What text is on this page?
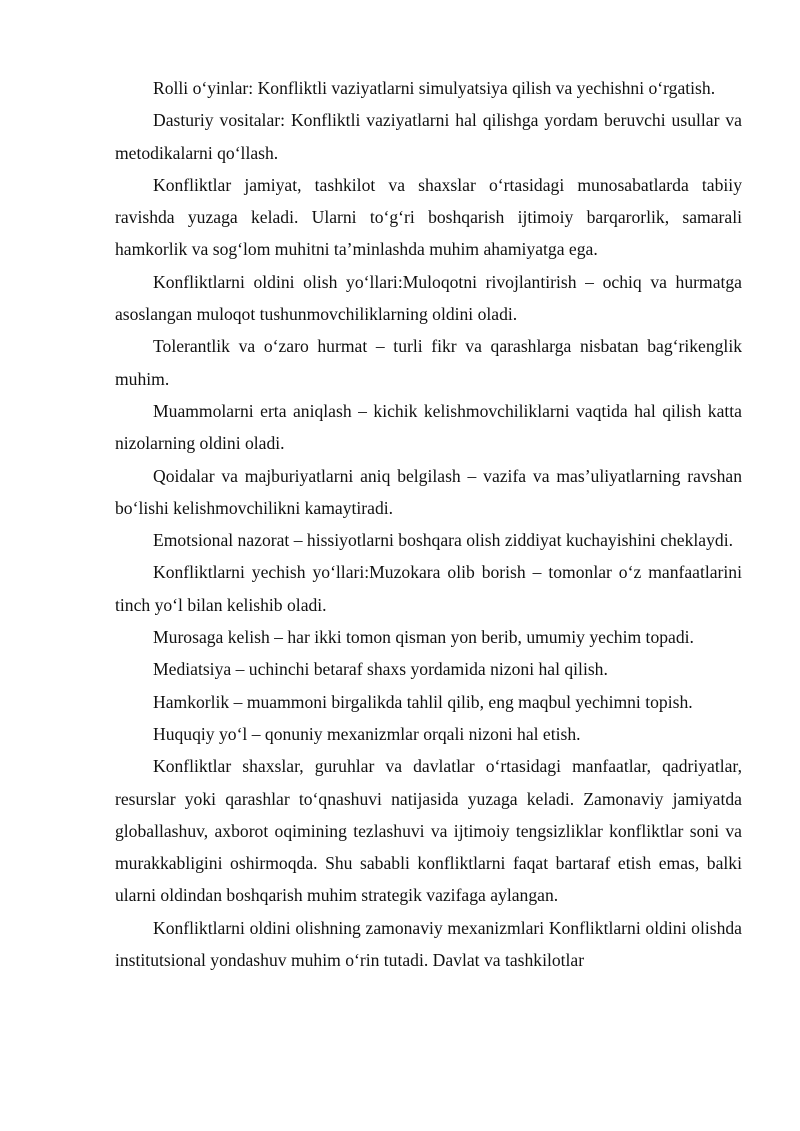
Rolli o‘yinlar: Konfliktli vaziyatlarni simulyatsiya qilish va yechishni o‘rgatish.

Dasturiy vositalar: Konfliktli vaziyatlarni hal qilishga yordam beruvchi usullar va metodikalarni qo‘llash.

Konfliktlar jamiyat, tashkilot va shaxslar o‘rtasidagi munosabatlarda tabiiy ravishda yuzaga keladi. Ularni to‘g‘ri boshqarish ijtimoiy barqarorlik, samarali hamkorlik va sog‘lom muhitni ta’minlashda muhim ahamiyatga ega.

Konfliktlarni oldini olish yo‘llari:Muloqotni rivojlantirish – ochiq va hurmatga asoslangan muloqot tushunmovchiliklarning oldini oladi.

Tolerantlik va o‘zaro hurmat – turli fikr va qarashlarga nisbatan bag‘rikenglik muhim.

Muammolarni erta aniqlash – kichik kelishmovchiliklarni vaqtida hal qilish katta nizolarning oldini oladi.

Qoidalar va majburiyatlarni aniq belgilash – vazifa va mas’uliyatlarning ravshan bo‘lishi kelishmovchilikni kamaytiradi.

Emotsional nazorat – hissiyotlarni boshqara olish ziddiyat kuchayishini cheklaydi.

Konfliktlarni yechish yo‘llari:Muzokara olib borish – tomonlar o‘z manfaatlarini tinch yo‘l bilan kelishib oladi.

Murosaga kelish – har ikki tomon qisman yon berib, umumiy yechim topadi.

Mediatsiya – uchinchi betaraf shaxs yordamida nizoni hal qilish.

Hamkorlik – muammoni birgalikda tahlil qilib, eng maqbul yechimni topish.

Huquqiy yo‘l – qonuniy mexanizmlar orqali nizoni hal etish.

Konfliktlar shaxslar, guruhlar va davlatlar o‘rtasidagi manfaatlar, qadriyatlar, resurslar yoki qarashlar to‘qnashuvi natijasida yuzaga keladi. Zamonaviy jamiyatda globallashuv, axborot oqimining tezlashuvi va ijtimoiy tengsizliklar konfliktlar soni va murakkabligini oshirmoqda. Shu sababli konfliktlarni faqat bartaraf etish emas, balki ularni oldindan boshqarish muhim strategik vazifaga aylangan.

Konfliktlarni oldini olishning zamonaviy mexanizmlari Konfliktlarni oldini olishda institutsional yondashuv muhim o‘rin tutadi. Davlat va tashkilotlar
